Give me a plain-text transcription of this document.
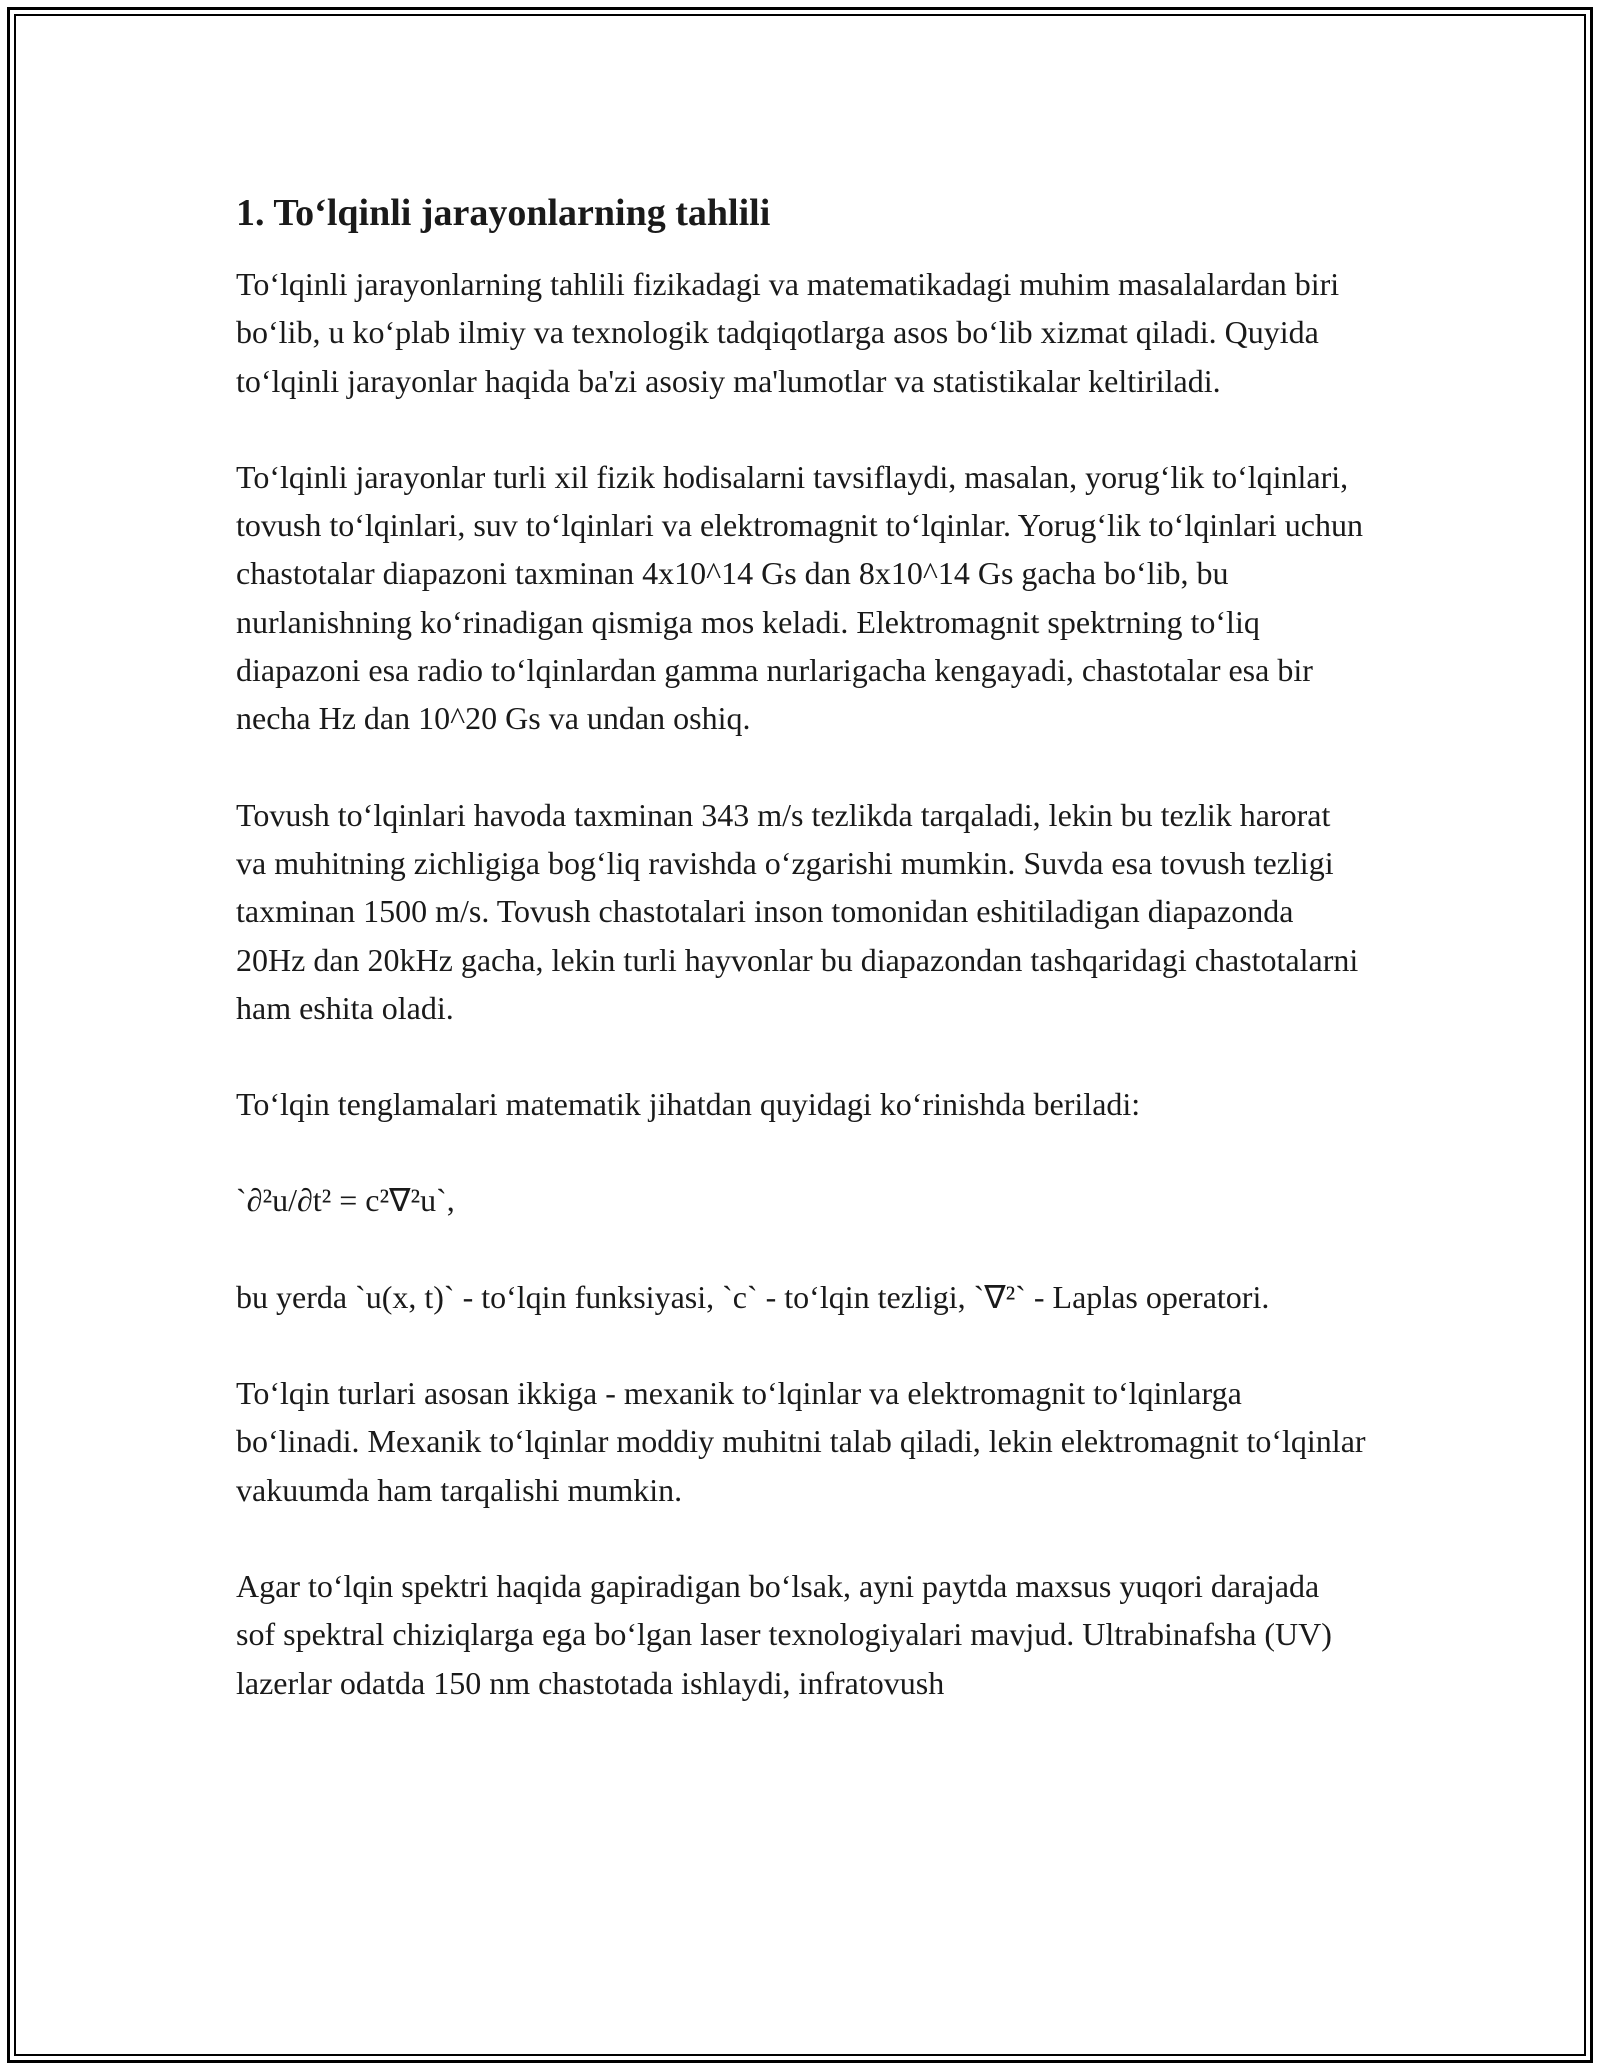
1. To‘lqinli jarayonlarning tahlili

To‘lqinli jarayonlarning tahlili fizikadagi va matematikadagi muhim masalalardan biri bo‘lib, u ko‘plab ilmiy va texnologik tadqiqotlarga asos bo‘lib xizmat qiladi. Quyida to‘lqinli jarayonlar haqida ba'zi asosiy ma'lumotlar va statistikalar keltiriladi.

To‘lqinli jarayonlar turli xil fizik hodisalarni tavsiflaydi, masalan, yorug‘lik to‘lqinlari, tovush to‘lqinlari, suv to‘lqinlari va elektromagnit to‘lqinlar. Yorug‘lik to‘lqinlari uchun chastotalar diapazoni taxminan 4x10^14 Gs dan 8x10^14 Gs gacha bo‘lib, bu nurlanishning ko‘rinadigan qismiga mos keladi. Elektromagnit spektrning to‘liq diapazoni esa radio to‘lqinlardan gamma nurlarigacha kengayadi, chastotalar esa bir necha Hz dan 10^20 Gs va undan oshiq.

Tovush to‘lqinlari havoda taxminan 343 m/s tezlikda tarqaladi, lekin bu tezlik harorat va muhitning zichligiga bog‘liq ravishda o‘zgarishi mumkin. Suvda esa tovush tezligi taxminan 1500 m/s. Tovush chastotalari inson tomonidan eshitiladigan diapazonda 20Hz dan 20kHz gacha, lekin turli hayvonlar bu diapazondan tashqaridagi chastotalarni ham eshita oladi.

To‘lqin tenglamalari matematik jihatdan quyidagi ko‘rinishda beriladi:

`∂²u/∂t² = c²∇²u`,

bu yerda `u(x, t)` - to‘lqin funksiyasi, `c` - to‘lqin tezligi, `∇²` - Laplas operatori.

To‘lqin turlari asosan ikkiga - mexanik to‘lqinlar va elektromagnit to‘lqinlarga bo‘linadi. Mexanik to‘lqinlar moddiy muhitni talab qiladi, lekin elektromagnit to‘lqinlar vakuumda ham tarqalishi mumkin.

Agar to‘lqin spektri haqida gapiradigan bo‘lsak, ayni paytda maxsus yuqori darajada sof spektral chiziqlarga ega bo‘lgan laser texnologiyalari mavjud. Ultrabinafsha (UV) lazerlar odatda 150 nm chastotada ishlaydi, infratovush
